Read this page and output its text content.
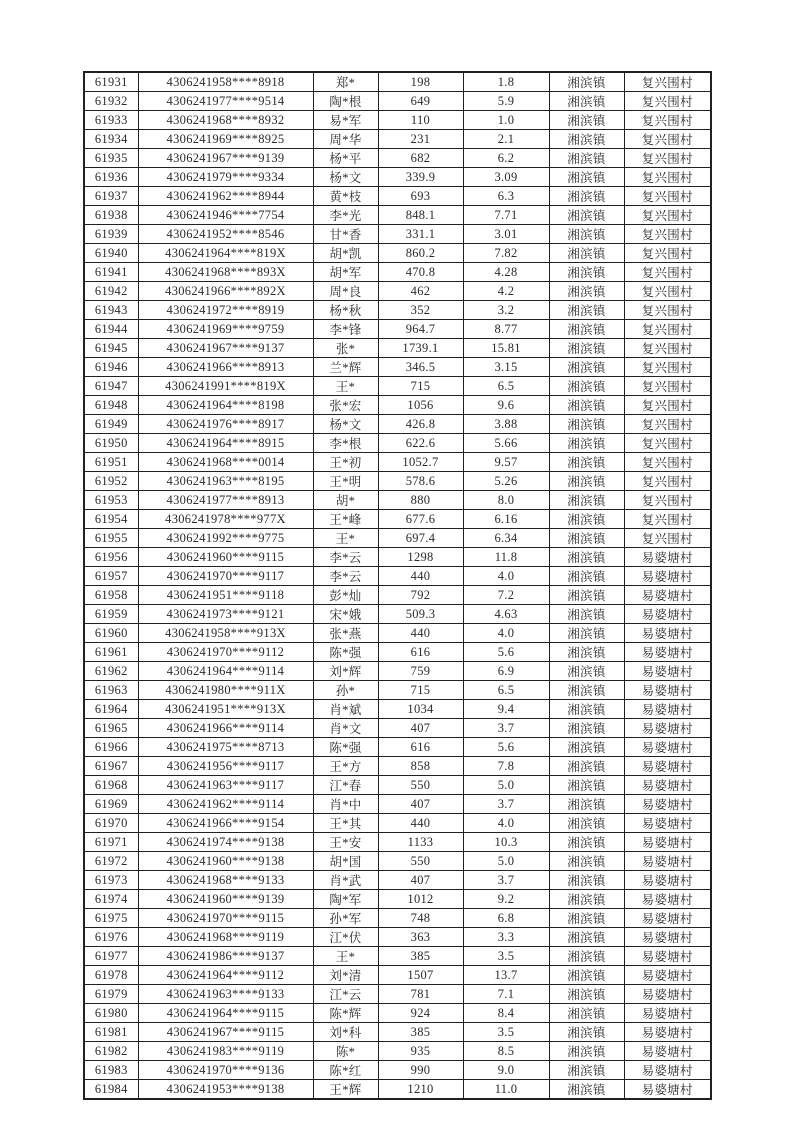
61931	4306241958****8918	郑*	198	1.8	湘滨镇	复兴围村
61932	4306241977****9514	陶*根	649	5.9	湘滨镇	复兴围村
61933	4306241968****8932	易*军	110	1.0	湘滨镇	复兴围村
61934	4306241969****8925	周*华	231	2.1	湘滨镇	复兴围村
61935	4306241967****9139	杨*平	682	6.2	湘滨镇	复兴围村
61936	4306241979****9334	杨*文	339.9	3.09	湘滨镇	复兴围村
61937	4306241962****8944	黄*枝	693	6.3	湘滨镇	复兴围村
61938	4306241946****7754	李*光	848.1	7.71	湘滨镇	复兴围村
61939	4306241952****8546	甘*香	331.1	3.01	湘滨镇	复兴围村
61940	4306241964****819X	胡*凯	860.2	7.82	湘滨镇	复兴围村
61941	4306241968****893X	胡*军	470.8	4.28	湘滨镇	复兴围村
61942	4306241966****892X	周*良	462	4.2	湘滨镇	复兴围村
61943	4306241972****8919	杨*秋	352	3.2	湘滨镇	复兴围村
61944	4306241969****9759	李*锋	964.7	8.77	湘滨镇	复兴围村
61945	4306241967****9137	张*	1739.1	15.81	湘滨镇	复兴围村
61946	4306241966****8913	兰*辉	346.5	3.15	湘滨镇	复兴围村
61947	4306241991****819X	王*	715	6.5	湘滨镇	复兴围村
61948	4306241964****8198	张*宏	1056	9.6	湘滨镇	复兴围村
61949	4306241976****8917	杨*文	426.8	3.88	湘滨镇	复兴围村
61950	4306241964****8915	李*根	622.6	5.66	湘滨镇	复兴围村
61951	4306241968****0014	王*初	1052.7	9.57	湘滨镇	复兴围村
61952	4306241963****8195	王*明	578.6	5.26	湘滨镇	复兴围村
61953	4306241977****8913	胡*	880	8.0	湘滨镇	复兴围村
61954	4306241978****977X	王*峰	677.6	6.16	湘滨镇	复兴围村
61955	4306241992****9775	王*	697.4	6.34	湘滨镇	复兴围村
61956	4306241960****9115	李*云	1298	11.8	湘滨镇	易婆塘村
61957	4306241970****9117	李*云	440	4.0	湘滨镇	易婆塘村
61958	4306241951****9118	彭*灿	792	7.2	湘滨镇	易婆塘村
61959	4306241973****9121	宋*娥	509.3	4.63	湘滨镇	易婆塘村
61960	4306241958****913X	张*燕	440	4.0	湘滨镇	易婆塘村
61961	4306241970****9112	陈*强	616	5.6	湘滨镇	易婆塘村
61962	4306241964****9114	刘*辉	759	6.9	湘滨镇	易婆塘村
61963	4306241980****911X	孙*	715	6.5	湘滨镇	易婆塘村
61964	4306241951****913X	肖*斌	1034	9.4	湘滨镇	易婆塘村
61965	4306241966****9114	肖*文	407	3.7	湘滨镇	易婆塘村
61966	4306241975****8713	陈*强	616	5.6	湘滨镇	易婆塘村
61967	4306241956****9117	王*方	858	7.8	湘滨镇	易婆塘村
61968	4306241963****9117	江*春	550	5.0	湘滨镇	易婆塘村
61969	4306241962****9114	肖*中	407	3.7	湘滨镇	易婆塘村
61970	4306241966****9154	王*其	440	4.0	湘滨镇	易婆塘村
61971	4306241974****9138	王*安	1133	10.3	湘滨镇	易婆塘村
61972	4306241960****9138	胡*国	550	5.0	湘滨镇	易婆塘村
61973	4306241968****9133	肖*武	407	3.7	湘滨镇	易婆塘村
61974	4306241960****9139	陶*军	1012	9.2	湘滨镇	易婆塘村
61975	4306241970****9115	孙*军	748	6.8	湘滨镇	易婆塘村
61976	4306241968****9119	江*伏	363	3.3	湘滨镇	易婆塘村
61977	4306241986****9137	王*	385	3.5	湘滨镇	易婆塘村
61978	4306241964****9112	刘*清	1507	13.7	湘滨镇	易婆塘村
61979	4306241963****9133	江*云	781	7.1	湘滨镇	易婆塘村
61980	4306241964****9115	陈*辉	924	8.4	湘滨镇	易婆塘村
61981	4306241967****9115	刘*科	385	3.5	湘滨镇	易婆塘村
61982	4306241983****9119	陈*	935	8.5	湘滨镇	易婆塘村
61983	4306241970****9136	陈*红	990	9.0	湘滨镇	易婆塘村
61984	4306241953****9138	王*辉	1210	11.0	湘滨镇	易婆塘村
